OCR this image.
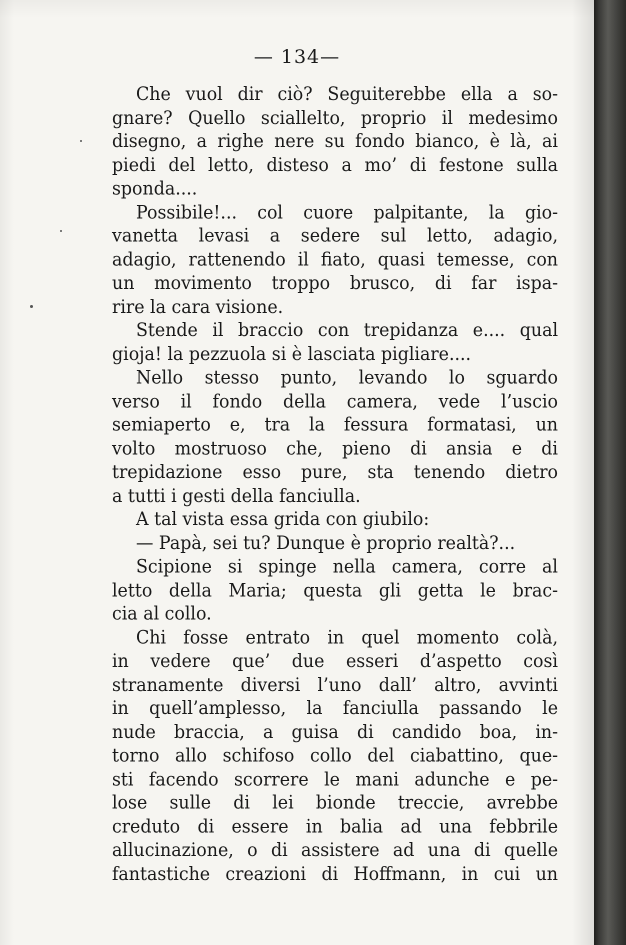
— 134—
Che vuol dir ciò? Seguiterebbe ella a so-
gnare? Quello sciallelto, proprio il medesimo
disegno, a righe nere su fondo bianco, è là, ai
piedi del letto, disteso a mo’ di festone sulla
sponda....
Possibile!... col cuore palpitante, la gio-
vanetta levasi a sedere sul letto, adagio,
adagio, rattenendo il fiato, quasi temesse, con
un movimento troppo brusco, di far ispa-
rire la cara visione.
Stende il braccio con trepidanza e.... qual
gioja! la pezzuola si è lasciata pigliare....
Nello stesso punto, levando lo sguardo
verso il fondo della camera, vede l’uscio
semiaperto e, tra la fessura formatasi, un
volto mostruoso che, pieno di ansia e di
trepidazione esso pure, sta tenendo dietro
a tutti i gesti della fanciulla.
A tal vista essa grida con giubilo:
— Papà, sei tu? Dunque è proprio realtà?...
Scipione si spinge nella camera, corre al
letto della Maria; questa gli getta le brac-
cia al collo.
Chi fosse entrato in quel momento colà,
in vedere que’ due esseri d’aspetto così
stranamente diversi l’uno dall’ altro, avvinti
in quell’amplesso, la fanciulla passando le
nude braccia, a guisa di candido boa, in-
torno allo schifoso collo del ciabattino, que-
sti facendo scorrere le mani adunche e pe-
lose sulle di lei bionde treccie, avrebbe
creduto di essere in balia ad una febbrile
allucinazione, o di assistere ad una di quelle
fantastiche creazioni di Hoffmann, in cui un
